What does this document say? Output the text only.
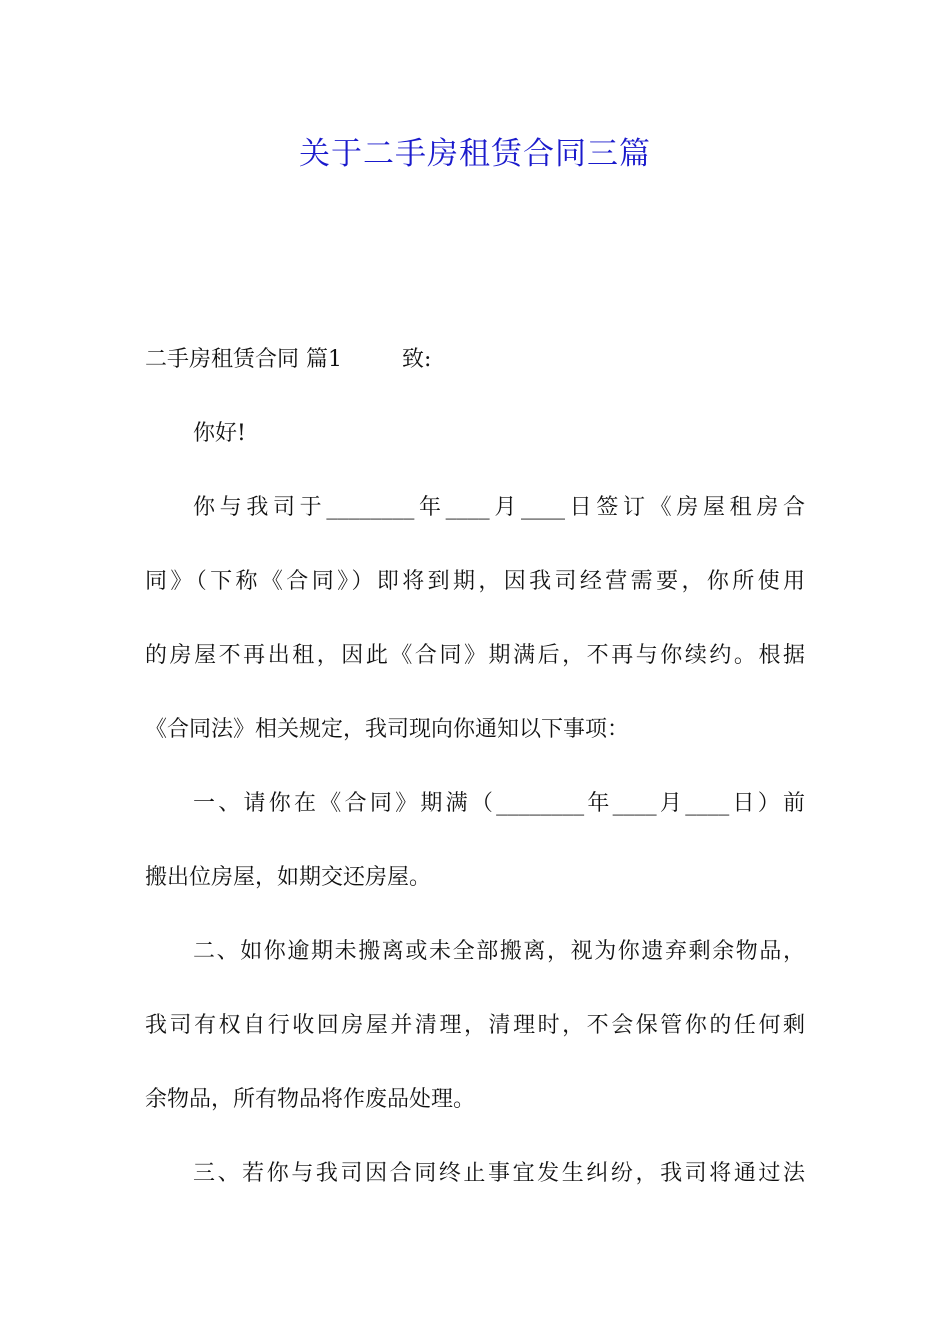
关于二手房租赁合同三篇
二手房租赁合同 篇1	致:
你好!
你与我司于________年____月____日签订《房屋租房合
同》（下称《合同》）即将到期，因我司经营需要，你所使用
的房屋不再出租，因此《合同》期满后，不再与你续约。根据
《合同法》相关规定，我司现向你通知以下事项：
一、请你在《合同》期满（________年____月____日）前
搬出位房屋，如期交还房屋。
二、如你逾期未搬离或未全部搬离，视为你遗弃剩余物品，
我司有权自行收回房屋并清理，清理时，不会保管你的任何剩
余物品，所有物品将作废品处理。
三、若你与我司因合同终止事宜发生纠纷，我司将通过法
